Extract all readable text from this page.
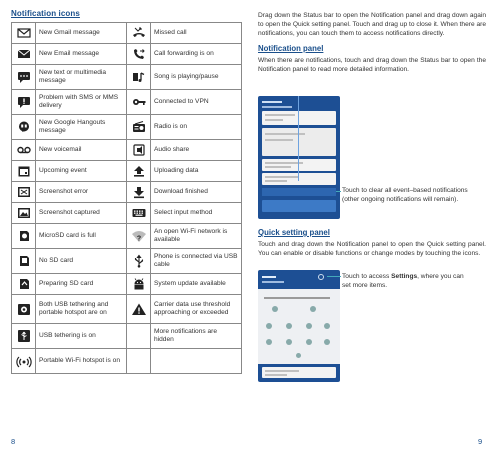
Notification icons
	New Gmail message		Missed call

	New Email message		Call forwarding is on

	New text or multimedia message		Song is playing/pause

	Problem with SMS or MMS delivery		Connected to VPN

	New Google Hangouts message		Radio is on

	New voicemail		Audio share

	Upcoming event		Uploading data

	Screenshot error		Download finished

	Screenshot captured		Select input method

	MicroSD card is full	?	An open Wi-Fi network is available

	No SD card		Phone is connected via USB cable

	Preparing SD card		System update available

	Both USB tethering and portable hotspot are on		Carrier data use threshold approaching or exceeded

	USB tethering is on		More notifications are hidden

	Portable Wi-Fi hotspot is on		
8
Drag down the Status bar to open the Notification panel and drag down again to open the Quick setting panel. Touch and drag up to close it. When there are notifications, you can touch them to access notifications directly.
Notification panel
When there are notifications, touch and drag down the Status bar to open the Notification panel to read more detailed information.
Touch to clear all event–based notifications (other ongoing notifications will remain).
Quick setting panel
Touch and drag down the Notification panel to open the Quick setting panel. You can enable or disable functions or change modes by touching the icons.
Touch to access Settings, where you can set more items.
9
